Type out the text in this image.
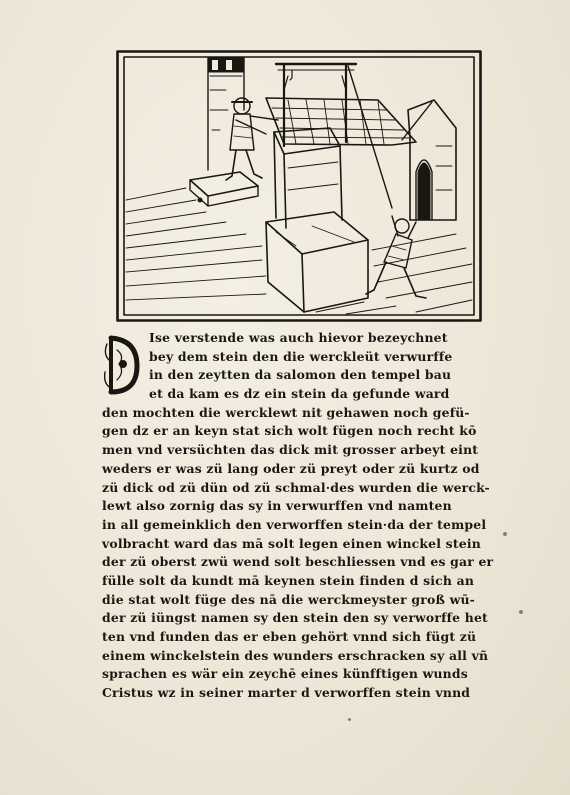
Ise verstende was auch hievor bezeychnet
bey dem stein den die werckleüt verwurffe
in den zeytten da salomon den tempel bau
et da kam es dz ein stein da gefunde ward
den mochten die wercklewt nit gehawen noch gefü-
gen dz er an keyn stat sich wolt fügen noch recht kō
men vnd versüchten das dick mit grosser arbeyt eint
weders er was zü lang oder zü preyt oder zü kurtz od
zü dick od zü dün od zü schmal·des wurden die werck-
lewt also zornig das sy in verwurffen vnd namten
in all gemeinklich den verworffen stein·da der tempel
volbracht ward das mā solt legen einen winckel stein
der zü oberst zwü wend solt beschliessen vnd es gar er
fülle solt da kundt mā keynen stein finden d sich an
die stat wolt füge des nā die werckmeyster groß wū-
der zü iüngst namen sy den stein den sy verworffe het
ten vnd funden das er eben gehört vnnd sich fügt zü
einem winckelstein des wunders erschracken sy all vñ
sprachen es wär ein zeychē eines künfftigen wunds
Cristus wz in seiner marter d verworffen stein vnnd
